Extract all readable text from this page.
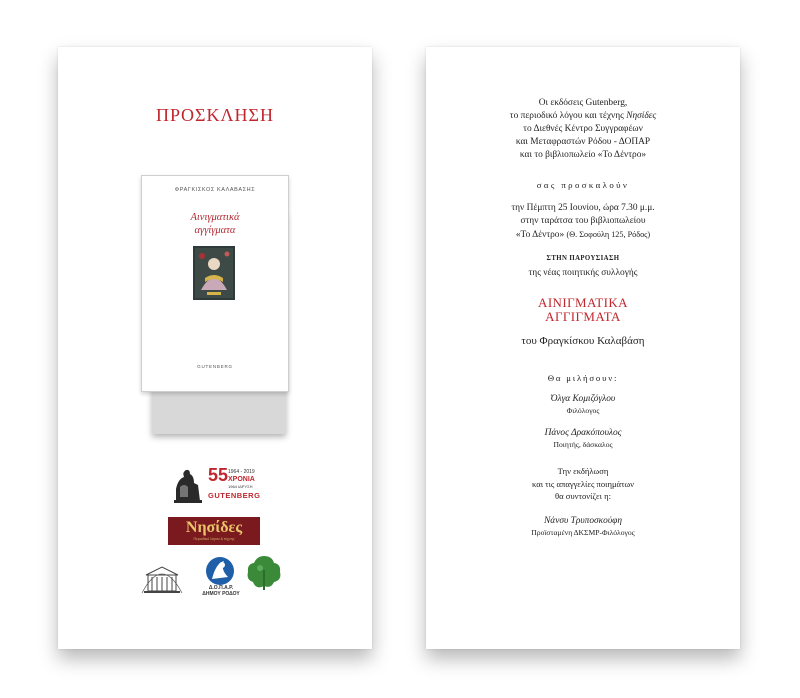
ΠΡΟΣΚΛΗΣΗ
ΦΡΑΓΚΙΣΚΟΣ ΚΑΛΑΒΑΣΗΣ
Αινιγματικά
αγγίγματα
GUTENBERG
55 1964 - 2019
ΧΡΟΝΙΑ
1964 ΙΔΡΥΣΗ
GUTENBERG
Νησίδες
Περιοδικό λόγου & τέχνης
Δ.Ο.Π.Α.Ρ.
ΔΗΜΟΥ ΡΟΔΟΥ
Οι εκδόσεις Gutenberg,
το περιοδικό λόγου και τέχνης Νησίδες
το Διεθνές Κέντρο Συγγραφέων
και Μεταφραστών Ρόδου - ΔΟΠΑΡ
και το βιβλιοπωλείο «Το Δέντρο»
σας προσκαλούν
την Πέμπτη 25 Ιουνίου, ώρα 7.30 μ.μ.
στην ταράτσα του βιβλιοπωλείου
«Το Δέντρο» (Θ. Σοφούλη 125, Ρόδος)
ΣΤΗΝ ΠΑΡΟΥΣΙΑΣΗ
της νέας ποιητικής συλλογής
ΑΙΝΙΓΜΑΤΙΚΑ
ΑΓΓΙΓΜΑΤΑ
του Φραγκίσκου Καλαβάση
Θα μιλήσουν:
Όλγα Κομιζόγλου
Φιλόλογος
Πάνος Δρακόπουλος
Ποιητής, δάσκαλος
Την εκδήλωση
και τις απαγγελίες ποιημάτων
θα συντονίζει η:
Νάνσυ Τρυποσκούφη
Προϊσταμένη ΔΚΣΜΡ-Φιλόλογος
